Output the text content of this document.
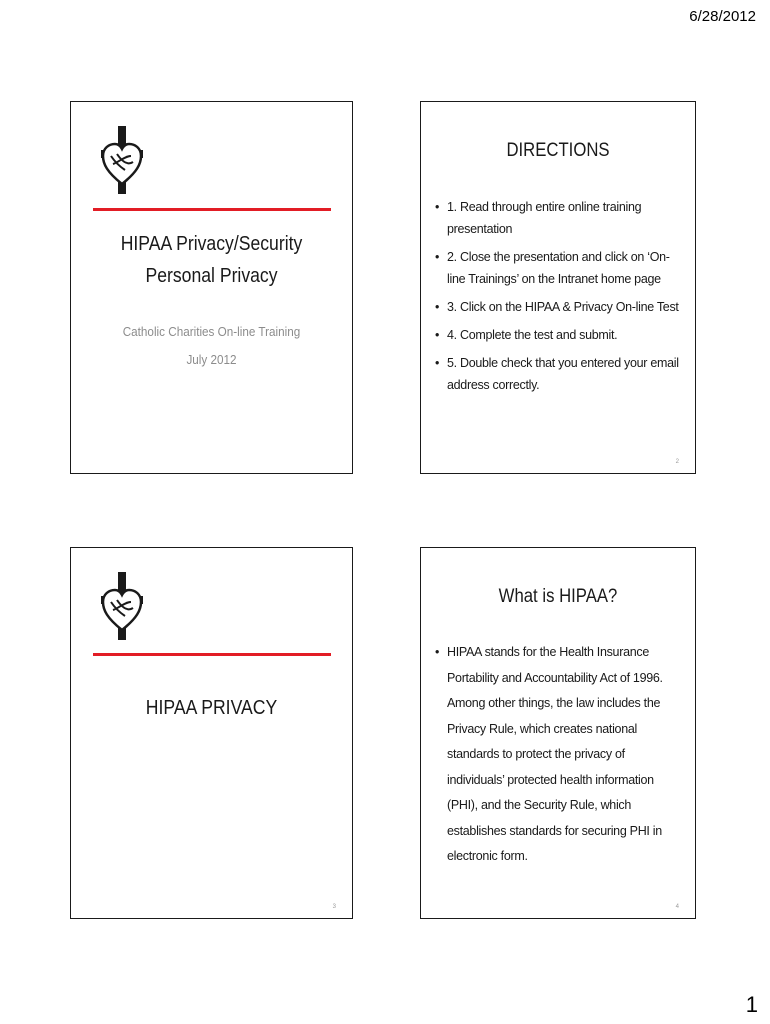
6/28/2012
HIPAA Privacy/Security
Personal Privacy
Catholic Charities On-line Training
July 2012
DIRECTIONS
• 1. Read through entire online training presentation
• 2. Close the presentation and click on ‘On-line Trainings’ on the Intranet home page
• 3. Click on the HIPAA & Privacy On-line Test
• 4. Complete the test and submit.
• 5. Double check that you entered your email address correctly.
2
HIPAA PRIVACY
3
What is HIPAA?
• HIPAA stands for the Health Insurance Portability and Accountability Act of 1996. Among other things, the law includes the Privacy Rule, which creates national standards to protect the privacy of individuals’ protected health information (PHI), and the Security Rule, which establishes standards for securing PHI in electronic form.
4
1
